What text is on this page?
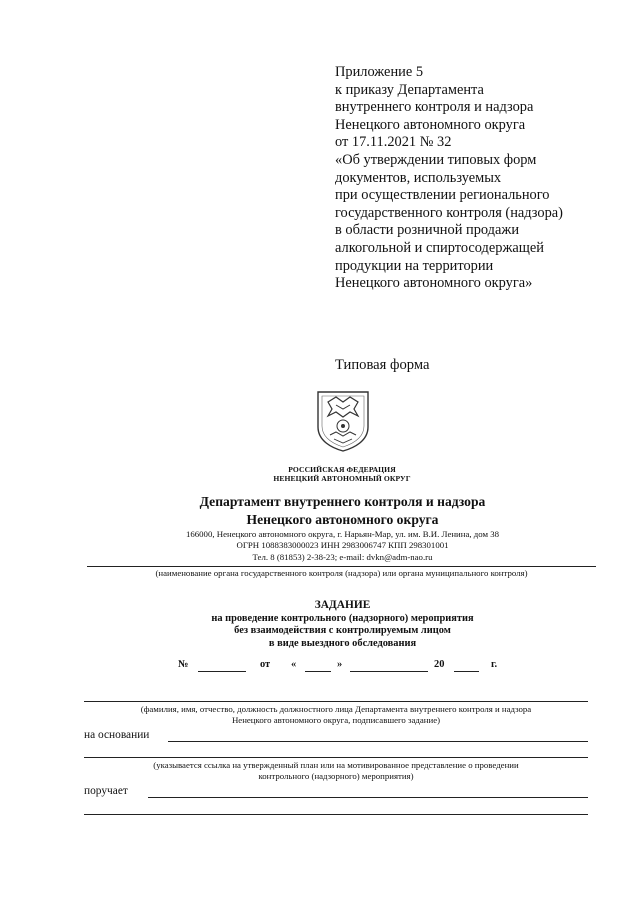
Приложение 5
к приказу Департамента
внутреннего контроля и надзора
Ненецкого автономного округа
от 17.11.2021 № 32
«Об утверждении типовых форм
документов, используемых
при осуществлении регионального
государственного контроля (надзора)
в области розничной продажи
алкогольной и спиртосодержащей
продукции на территории
Ненецкого автономного округа»
Типовая форма
РОССИЙСКАЯ ФЕДЕРАЦИЯ
НЕНЕЦКИЙ АВТОНОМНЫЙ ОКРУГ
Департамент внутреннего контроля и надзора
Ненецкого автономного округа
166000, Ненецкого автономного округа, г. Нарьян-Мар, ул. им. В.И. Ленина, дом 38
ОГРН 1088383000023 ИНН 2983006747 КПП 298301001
Тел. 8 (81853) 2-38-23; e-mail: dvkn@adm-nao.ru
(наименование органа государственного контроля (надзора) или органа муниципального контроля)
ЗАДАНИЕ
на проведение контрольного (надзорного) мероприятия
без взаимодействия с контролируемым лицом
в виде выездного обследования
№	от «	»	20	г.
(фамилия, имя, отчество, должность должностного лица Департамента внутреннего контроля и надзора
Ненецкого автономного округа, подписавшего задание)
на основании
(указывается ссылка на утвержденный план или на мотивированное представление о проведении
контрольного (надзорного) мероприятия)
поручает
